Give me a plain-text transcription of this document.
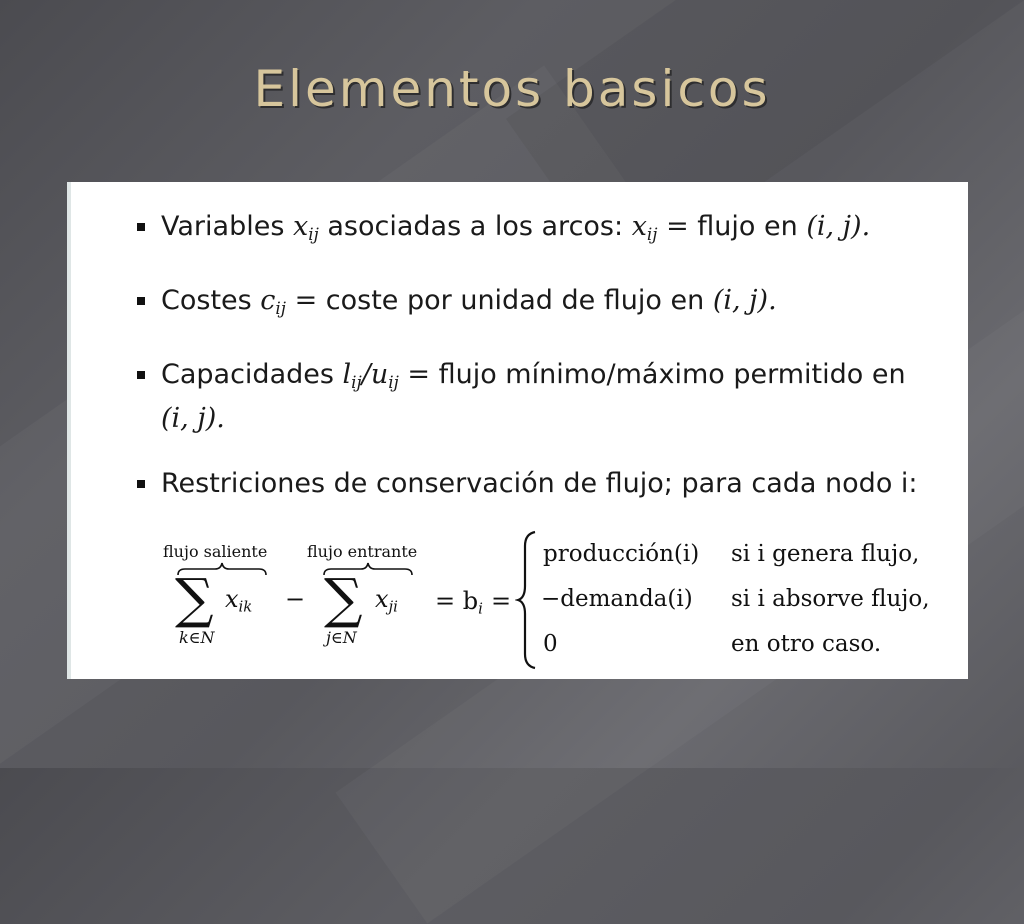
Elementos basicos
Variables $x_{ij}$ asociadas a los arcos: $x_{ij}$ = flujo en (i, j).
Costes $c_{ij}$ = coste por unidad de flujo en (i, j).
Capacidades $l_{ij}/u_{ij}$ = flujo mínimo/máximo permitido en
(i, j).
Restriciones de conservación de flujo; para cada nodo i:
flujo saliente flujo entrante
∑ $x_{ik}$
k∈N
− ∑ $x_{ji}$
j∈N
= $b_i$ =
producción(i) si i genera flujo,
−demanda(i) si i absorve flujo,
0	en otro caso.
